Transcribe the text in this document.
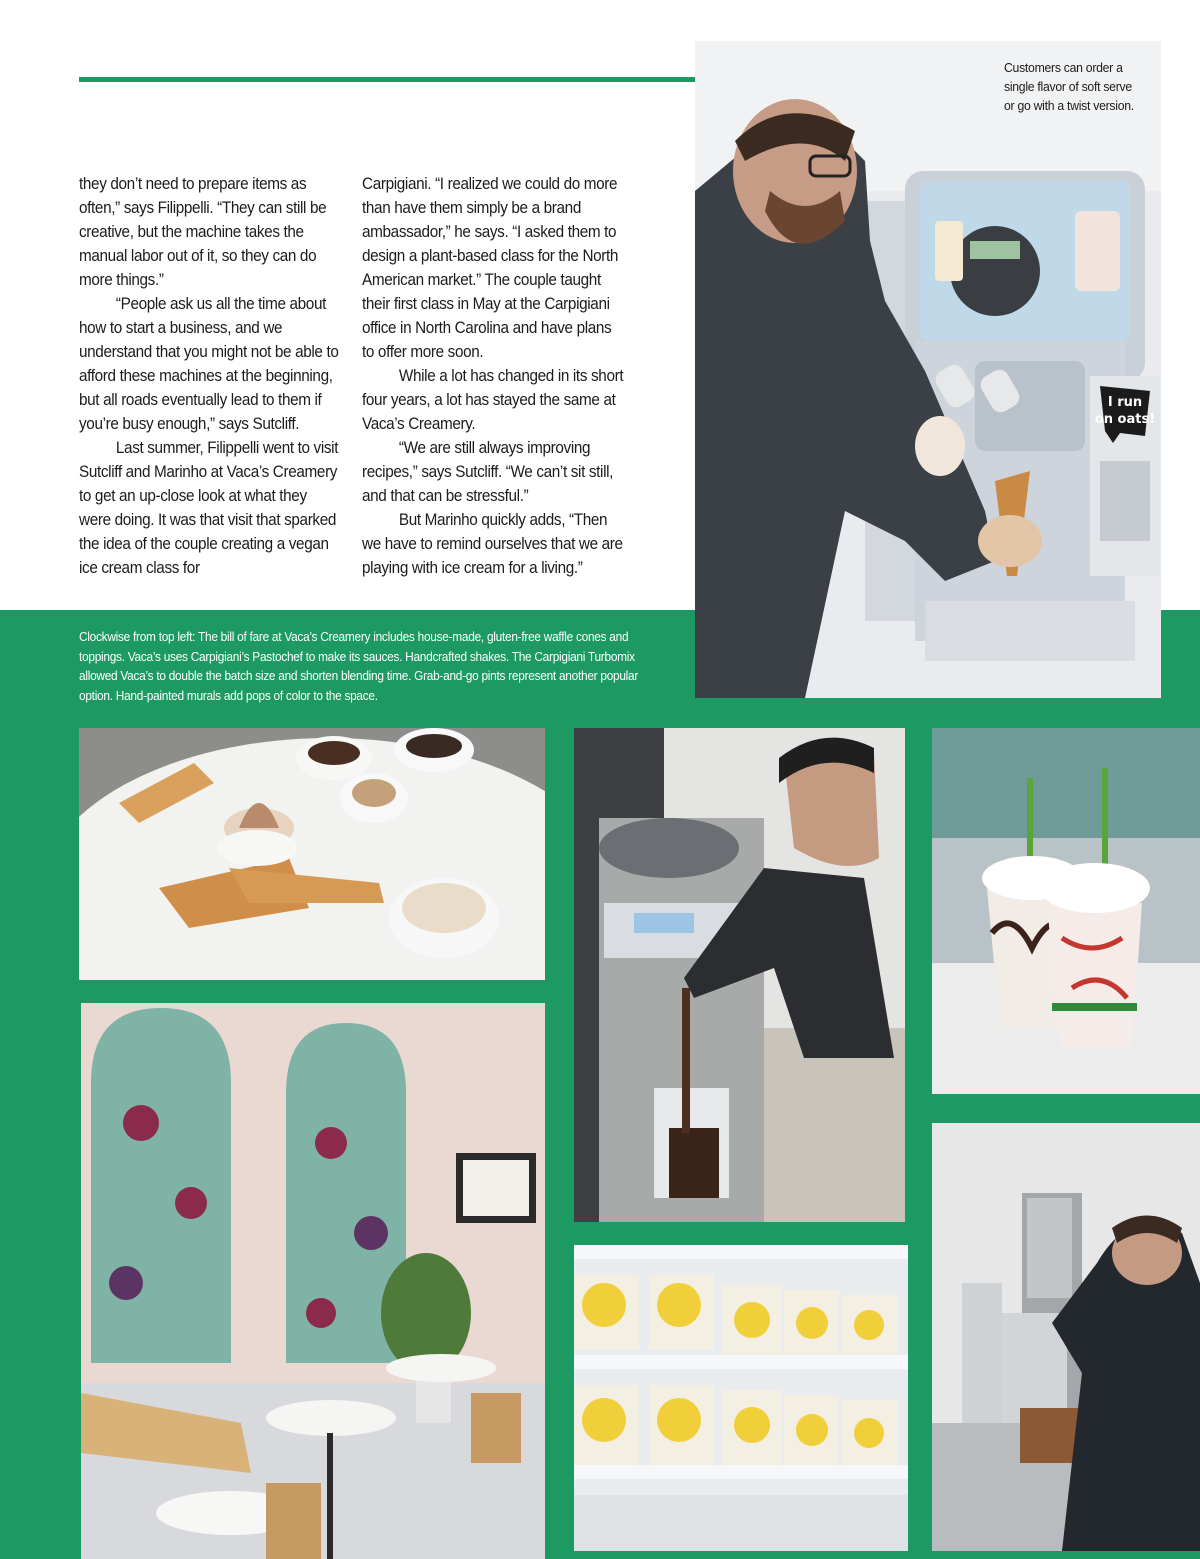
they don’t need to prepare items as often,” says Filippelli. “They can still be creative, but the machine takes the manual labor out of it, so they can do more things.”

“People ask us all the time about how to start a business, and we understand that you might not be able to afford these machines at the beginning, but all roads eventually lead to them if you’re busy enough,” says Sutcliff.

Last summer, Filippelli went to visit Sutcliff and Marinho at Vaca’s Creamery to get an up-close look at what they were doing. It was that visit that sparked the idea of the couple creating a vegan ice cream class for

Carpigiani. “I realized we could do more than have them simply be a brand ambassador,” he says. “I asked them to design a plant-based class for the North American market.” The couple taught their first class in May at the Carpigiani office in North Carolina and have plans to offer more soon.

While a lot has changed in its short four years, a lot has stayed the same at Vaca’s Creamery.

“We are still always improving recipes,” says Sutcliff. “We can’t sit still, and that can be stressful.”

But Marinho quickly adds, “Then we have to remind ourselves that we are playing with ice cream for a living.”

Clockwise from top left: The bill of fare at Vaca’s Creamery includes house-made, gluten-free waffle cones and toppings. Vaca’s uses Carpigiani’s Pastochef to make its sauces. Handcrafted shakes. The Carpigiani Turbomix allowed Vaca’s to double the batch size and shorten blending time. Grab-and-go pints represent another popular option. Hand-painted murals add pops of color to the space.
I run
on oats!
Customers can order a single flavor of soft serve or go with a twist version.
